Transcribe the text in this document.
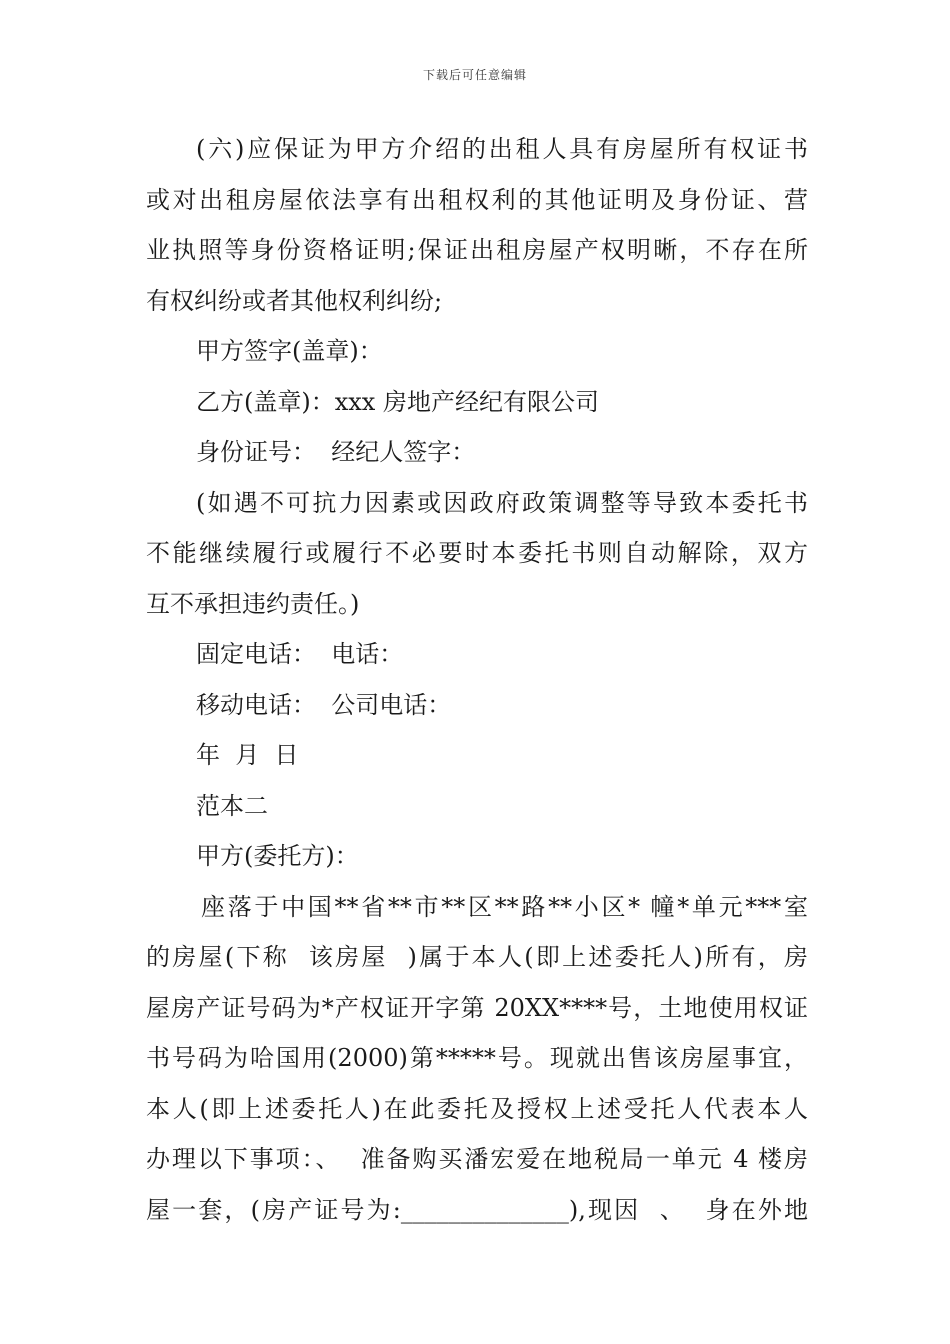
下载后可任意编辑
(六)应保证为甲方介绍的出租人具有房屋所有权证书
或对出租房屋依法享有出租权利的其他证明及身份证、营
业执照等身份资格证明;保证出租房屋产权明晰，不存在所
有权纠纷或者其他权利纠纷;
甲方签字(盖章)：
乙方(盖章)：xxx 房地产经纪有限公司
身份证号：  经纪人签字：
(如遇不可抗力因素或因政府政策调整等导致本委托书
不能继续履行或履行不必要时本委托书则自动解除，双方
互不承担违约责任。)
固定电话：  电话：
移动电话：  公司电话：
年  月  日
范本二
甲方(委托方)：
座落于中国**省**市**区**路**小区* 幢*单元***室
的房屋(下称  该房屋  )属于本人(即上述委托人)所有，房
屋房产证号码为*产权证开字第 20XX****号，土地使用权证
书号码为哈国用(2000)第*****号。现就出售该房屋事宜，
本人(即上述委托人)在此委托及授权上述受托人代表本人
办理以下事项：、  准备购买潘宏爱在地税局一单元 4 楼房
屋一套，(房产证号为:______________),现因  、  身在外地
